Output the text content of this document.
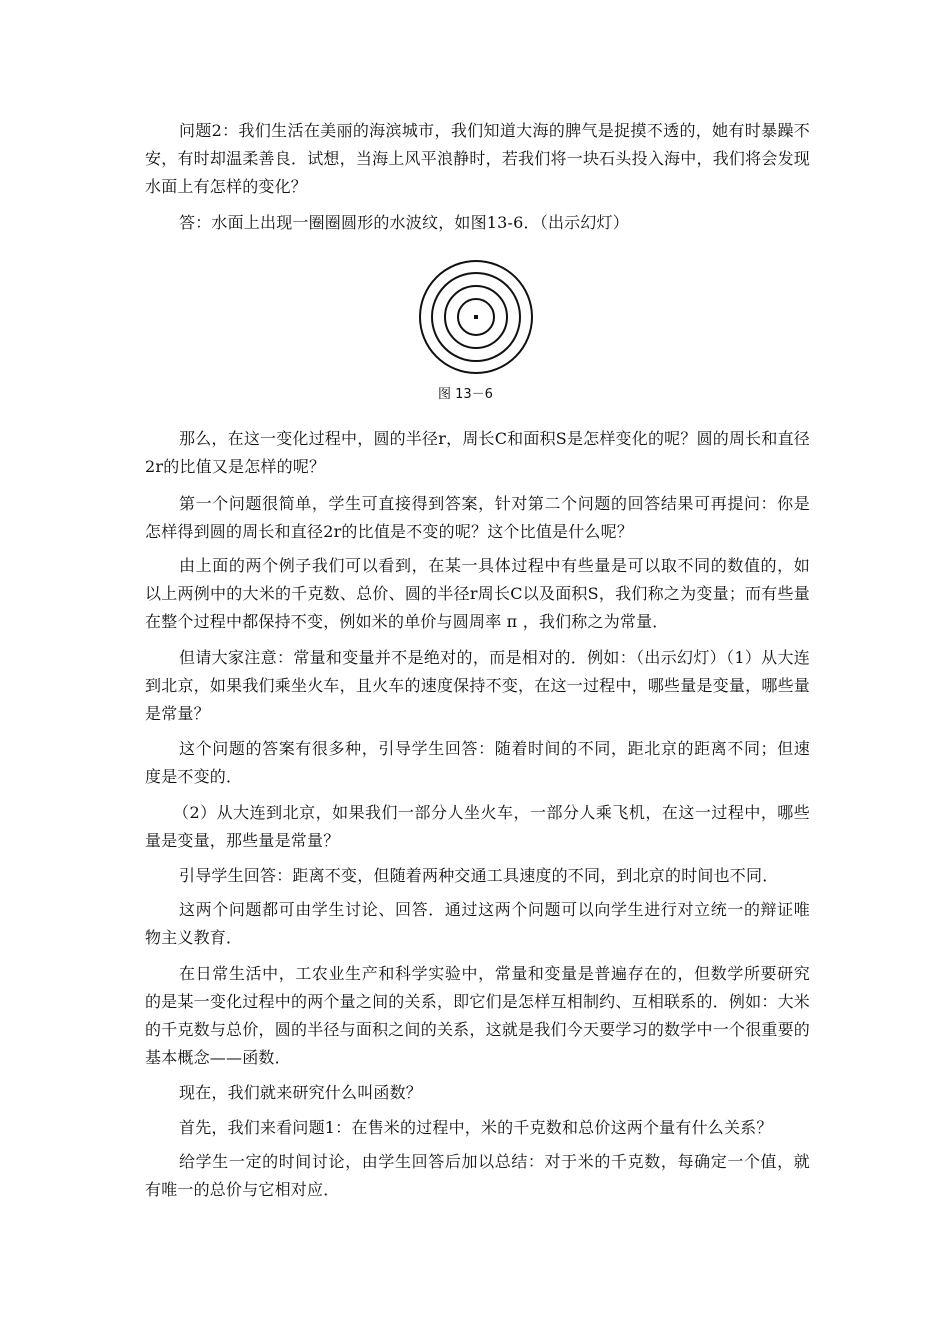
问题2：我们生活在美丽的海滨城市，我们知道大海的脾气是捉摸不透的，她有时暴躁不安，有时却温柔善良．试想，当海上风平浪静时，若我们将一块石头投入海中，我们将会发现水面上有怎样的变化？

答：水面上出现一圈圈圆形的水波纹，如图13-6．（出示幻灯）

图 13－6

那么，在这一变化过程中，圆的半径r，周长C和面积S是怎样变化的呢？圆的周长和直径2r的比值又是怎样的呢？

第一个问题很简单，学生可直接得到答案，针对第二个问题的回答结果可再提问：你是怎样得到圆的周长和直径2r的比值是不变的呢？这个比值是什么呢？

由上面的两个例子我们可以看到，在某一具体过程中有些量是可以取不同的数值的，如以上两例中的大米的千克数、总价、圆的半径r周长C以及面积S，我们称之为变量；而有些量在整个过程中都保持不变，例如米的单价与圆周率 π ，我们称之为常量．

但请大家注意：常量和变量并不是绝对的，而是相对的．例如：（出示幻灯）（1）从大连到北京，如果我们乘坐火车，且火车的速度保持不变，在这一过程中，哪些量是变量，哪些量是常量？

这个问题的答案有很多种，引导学生回答：随着时间的不同，距北京的距离不同；但速度是不变的．

（2）从大连到北京，如果我们一部分人坐火车，一部分人乘飞机，在这一过程中，哪些量是变量，那些量是常量？

引导学生回答：距离不变，但随着两种交通工具速度的不同，到北京的时间也不同．

这两个问题都可由学生讨论、回答．通过这两个问题可以向学生进行对立统一的辩证唯物主义教育．

在日常生活中，工农业生产和科学实验中，常量和变量是普遍存在的，但数学所要研究的是某一变化过程中的两个量之间的关系，即它们是怎样互相制约、互相联系的．例如：大米的千克数与总价，圆的半径与面积之间的关系，这就是我们今天要学习的数学中一个很重要的基本概念——函数．

现在，我们就来研究什么叫函数？

首先，我们来看问题1：在售米的过程中，米的千克数和总价这两个量有什么关系？

给学生一定的时间讨论，由学生回答后加以总结：对于米的千克数，每确定一个值，就有唯一的总价与它相对应．
